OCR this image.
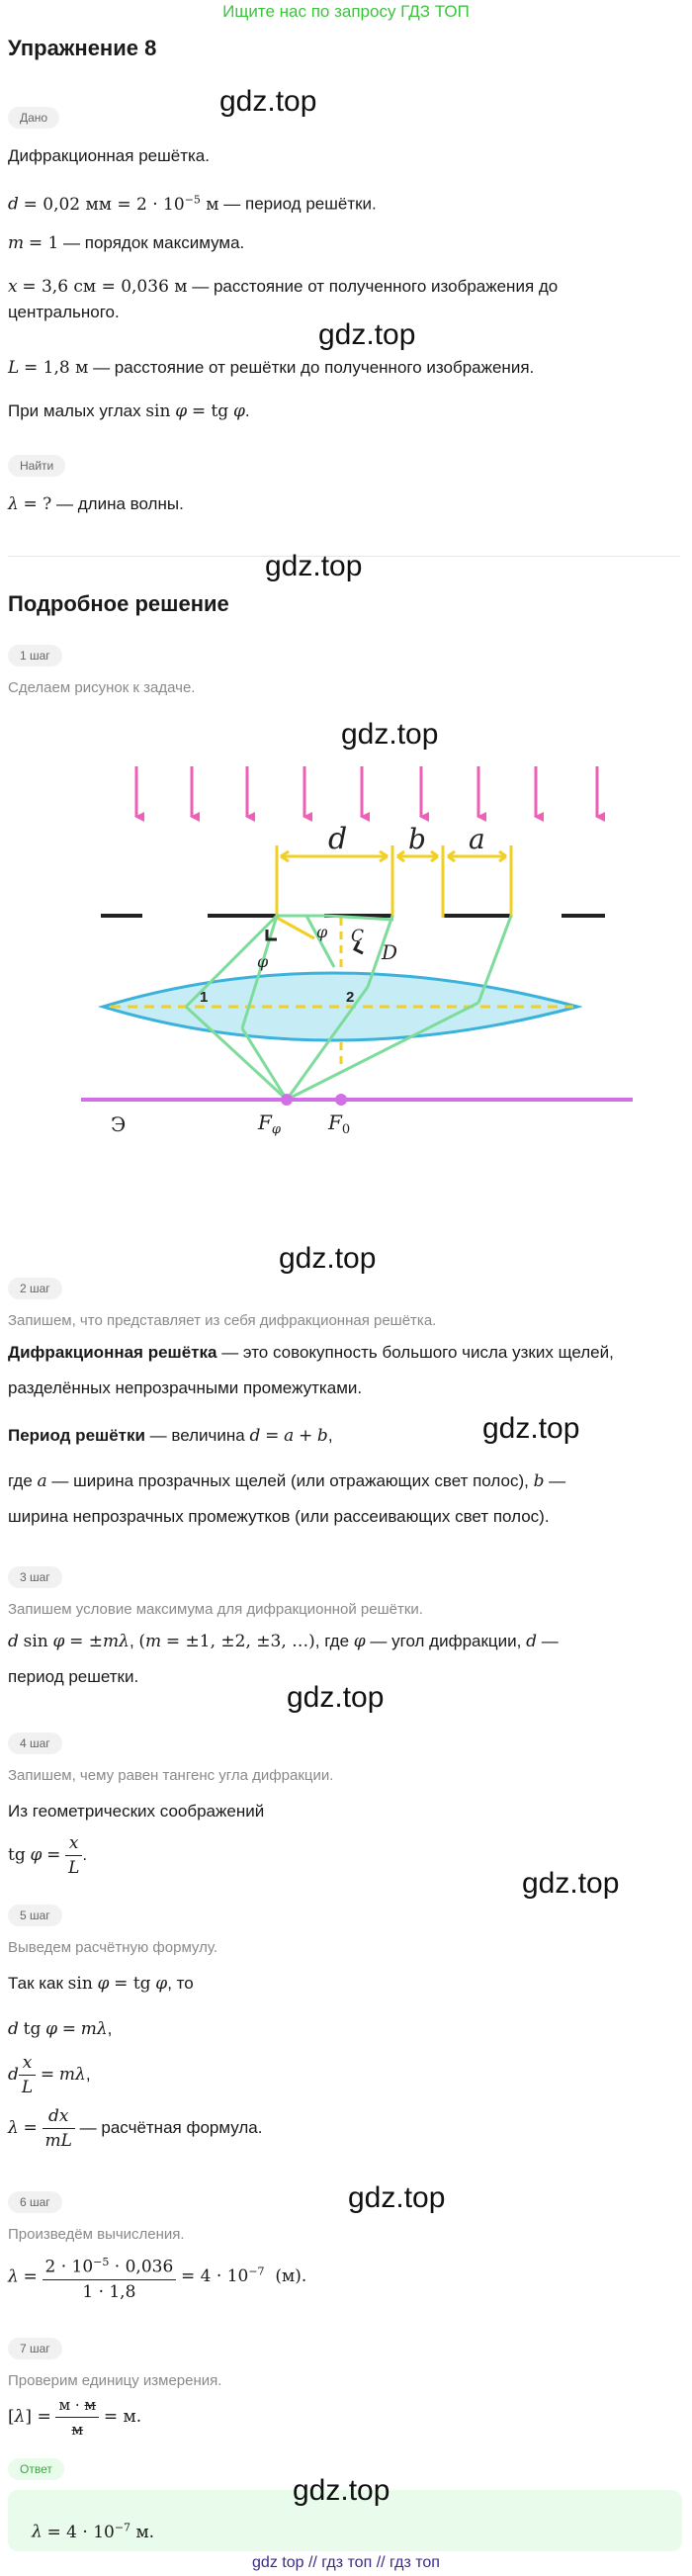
Ищите нас по запросу ГДЗ ТОП
Упражнение 8
gdz.top
Дано
Дифракционная решётка.
d = 0,02 мм = $2 \cdot 10^{-5}$ м — период решётки.
m = 1 — порядок максимума.
x = 3,6 см = 0,036 м — расстояние от полученного изображения до
центрального.
L = 1,8 м — расстояние от решётки до полученного изображения.
При малых углах sin φ = tg φ.
gdz.top
Найти
λ = ? — длина волны.
gdz.top
Подробное решение
1 шаг
Сделаем рисунок к задаче.
gdz.top
d b a
φ
φ
C
D
$F_\varphi$ $F_0$
1	2
Э
gdz.top
2 шаг
Запишем, что представляет из себя дифракционная решётка.
Дифракционная решётка — это совокупность большого числа узких щелей,
разделённых непрозрачными промежутками.
Период решётки — величина d = a + b,	gdz.top
где a — ширина прозрачных щелей (или отражающих свет полос), b —
ширина непрозрачных промежутков (или рассеивающих свет полос).
3 шаг
Запишем условие максимума для дифракционной решётки.
d sin φ = ±mλ, (m = ±1, ±2, ±3, …), где φ — угол дифракции, d —
период решетки.
gdz.top
4 шаг
Запишем, чему равен тангенс угла дифракции.
Из геометрических соображений
tg $\varphi = \frac{x}{L}$ .
gdz.top
5 шаг
Выведем расчётную формулу.
Так как sin φ = tg φ, то
d tg φ = mλ,
d $\frac{x}{L} = m\lambda$,
$\lambda = \frac{dx}{mL}$ — расчётная формула.
6 шаг	gdz.top
Произведём вычисления.
$\lambda = \frac{2 \cdot 10^{-5} \cdot 0,036}{1 \cdot 1,8} = 4 \cdot 10^{-7}$  (м).
7 шаг
Проверим единицу измерения.
$[\lambda] = \frac{м \cdot м}{м} = м$.
Ответ
gdz.top
$\lambda = 4 \cdot 10^{-7}$ м.
gdz top // гдз топ // гдз топ
